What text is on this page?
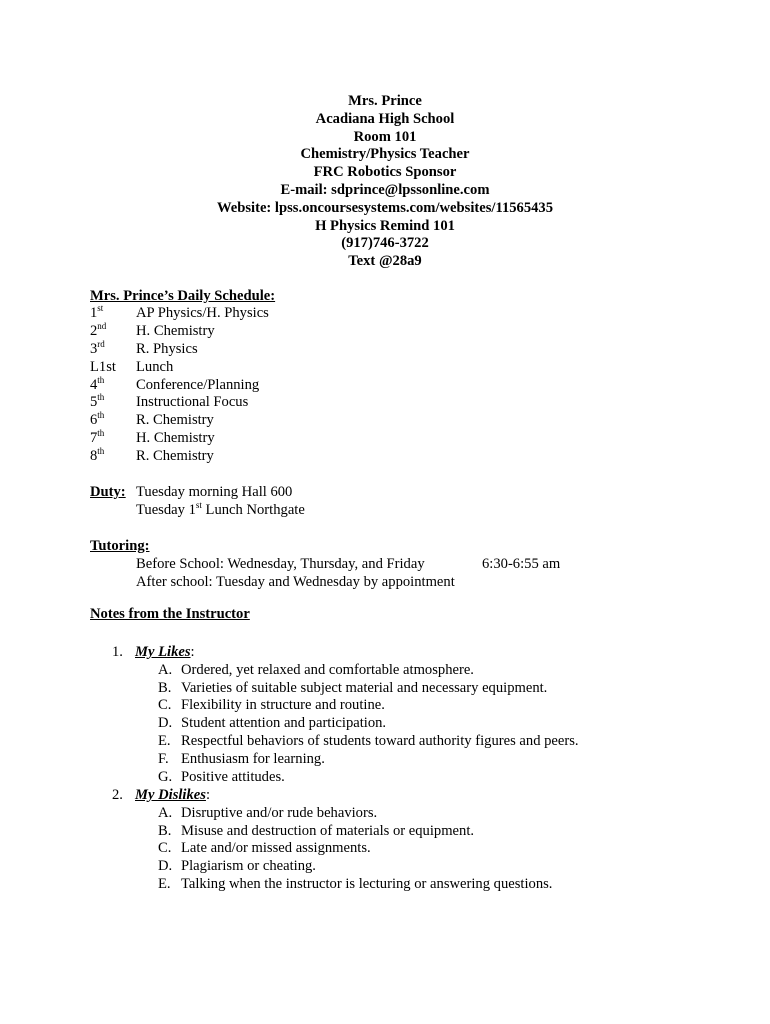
Mrs. Prince
Acadiana High School
Room 101
Chemistry/Physics Teacher
FRC Robotics Sponsor
E-mail: sdprince@lpssonline.com
Website: lpss.oncoursesystems.com/websites/11565435
H Physics Remind 101
(917)746-3722
Text @28a9
Mrs. Prince’s Daily Schedule:
1st AP Physics/H. Physics
2nd H. Chemistry
3rd R. Physics
L1st Lunch
4th Conference/Planning
5th Instructional Focus
6th R. Chemistry
7th H. Chemistry
8th R. Chemistry
Duty: Tuesday morning Hall 600
Tuesday 1st Lunch Northgate
Tutoring:
Before School: Wednesday, Thursday, and Friday	6:30-6:55 am
After school: Tuesday and Wednesday by appointment
Notes from the Instructor
1. My Likes:
A. Ordered, yet relaxed and comfortable atmosphere.
B. Varieties of suitable subject material and necessary equipment.
C. Flexibility in structure and routine.
D. Student attention and participation.
E. Respectful behaviors of students toward authority figures and peers.
F. Enthusiasm for learning.
G. Positive attitudes.
2. My Dislikes:
A. Disruptive and/or rude behaviors.
B. Misuse and destruction of materials or equipment.
C. Late and/or missed assignments.
D. Plagiarism or cheating.
E. Talking when the instructor is lecturing or answering questions.
